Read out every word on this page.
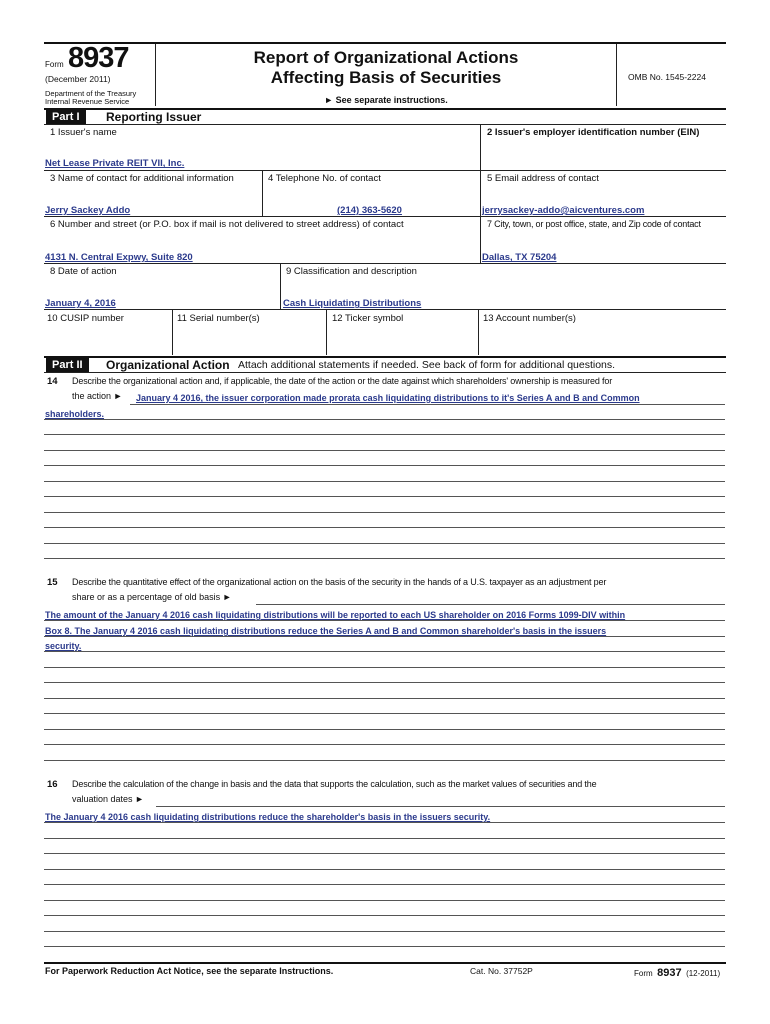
Form 8937
(December 2011)
Department of the Treasury
Internal Revenue Service
Report of Organizational Actions
Affecting Basis of Securities
► See separate instructions.
OMB No. 1545-2224
Part I	Reporting Issuer
1 Issuer's name	2 Issuer's employer identification number (EIN)
Net Lease Private REIT VII, Inc.
3 Name of contact for additional information	4 Telephone No. of contact	5 Email address of contact
Jerry Sackey Addo	(214) 363-5620	jerrysackey-addo@aicventures.com
6 Number and street (or P.O. box if mail is not delivered to street address) of contact	7 City, town, or post office, state, and Zip code of contact
4131 N. Central Expwy, Suite 820	Dallas, TX 75204
8 Date of action	9 Classification and description
January 4, 2016	Cash Liquidating Distributions
10 CUSIP number	11 Serial number(s)	12 Ticker symbol	13 Account number(s)
Part II	Organizational Action Attach additional statements if needed. See back of form for additional questions.
14 Describe the organizational action and, if applicable, the date of the action or the date against which shareholders' ownership is measured for
the action ► January 4 2016, the issuer corporation made prorata cash liquidating distributions to it's Series A and B and Common
shareholders.
15 Describe the quantitative effect of the organizational action on the basis of the security in the hands of a U.S. taxpayer as an adjustment per
share or as a percentage of old basis ►
The amount of the January 4 2016 cash liquidating distributions will be reported to each US shareholder on 2016 Forms 1099-DIV within
Box 8. The January 4 2016 cash liquidating distributions reduce the Series A and B and Common shareholder's basis in the issuers
security.
16 Describe the calculation of the change in basis and the data that supports the calculation, such as the market values of securities and the
valuation dates ►
The January 4 2016 cash liquidating distributions reduce the shareholder's basis in the issuers security.
For Paperwork Reduction Act Notice, see the separate Instructions.	Cat. No. 37752P	Form 8937 (12-2011)
